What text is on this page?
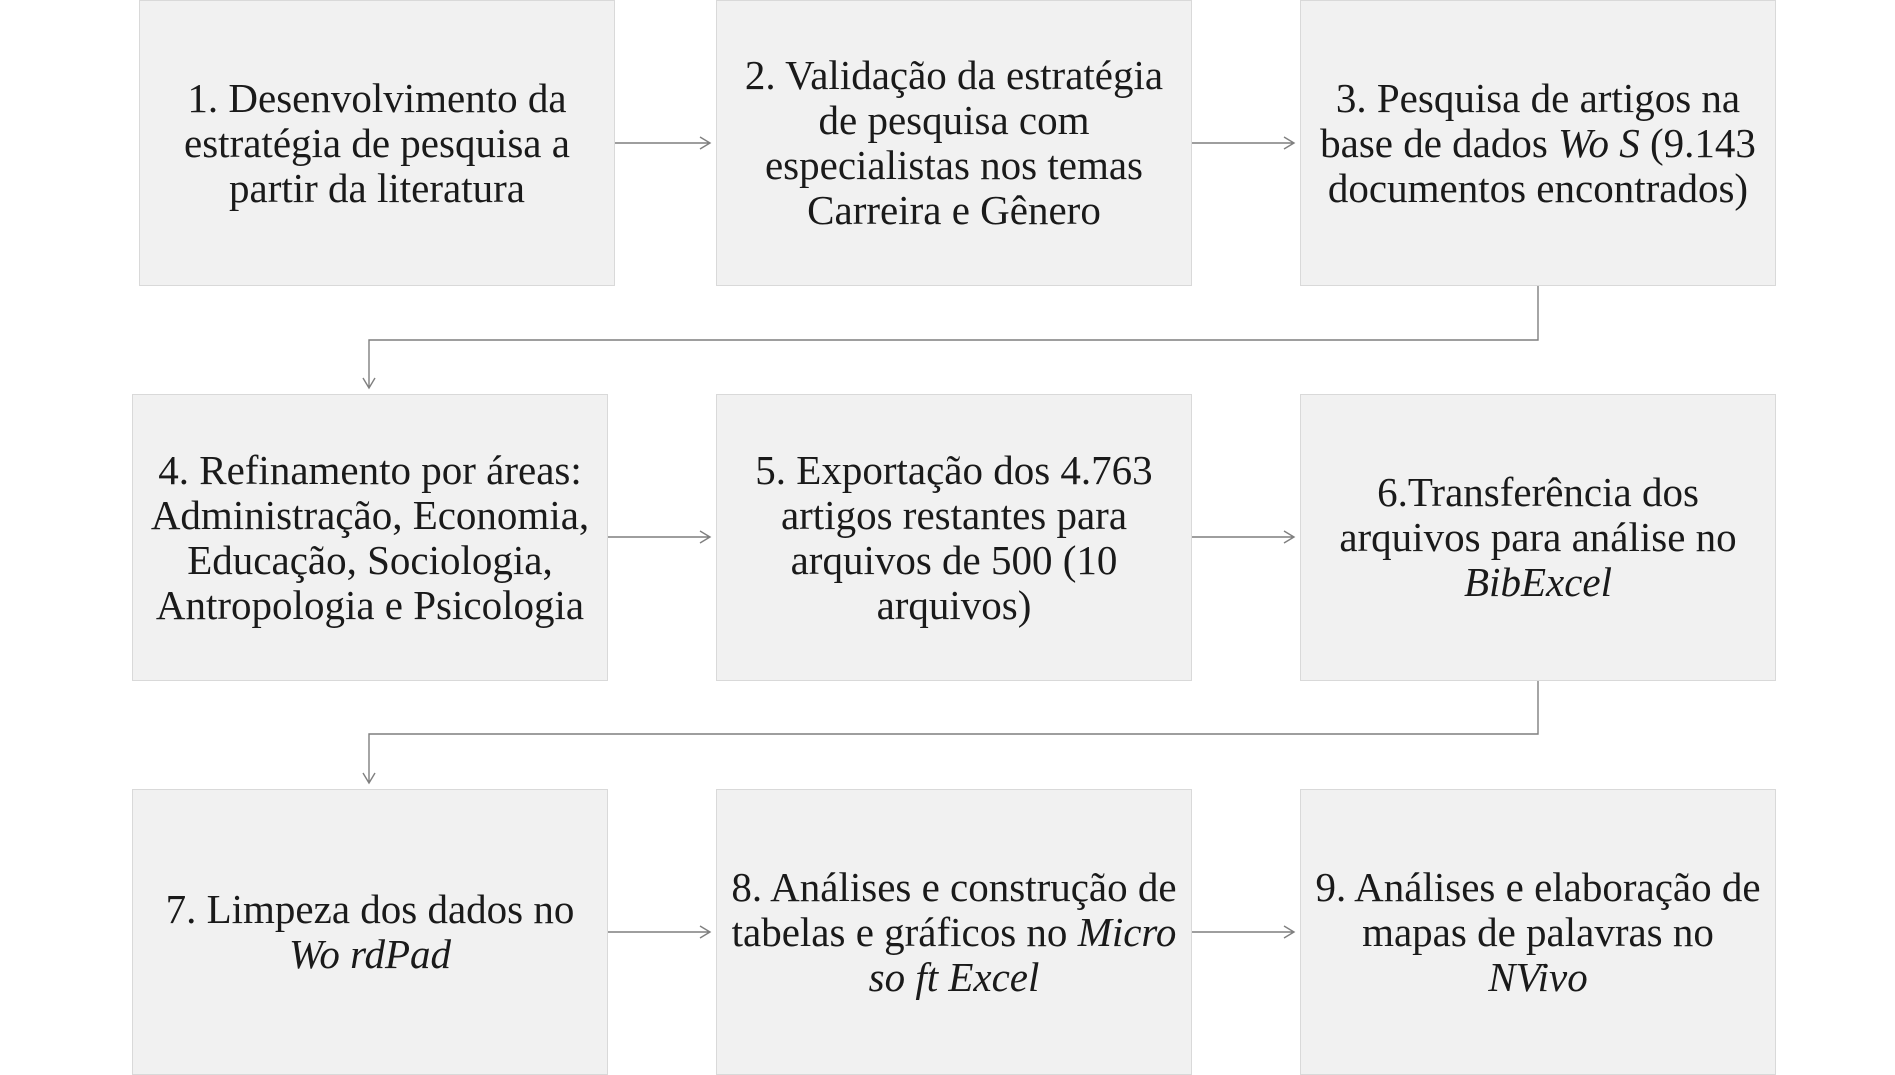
1. Desenvolvimento da estratégia de pesquisa a partir da literatura
2. Validação da estratégia de pesquisa com especialistas nos temas Carreira e Gênero
3. Pesquisa de artigos na base de dados Wo S (9.143 documentos encontrados)
4. Refinamento por áreas: Administração, Economia, Educação, Sociologia, Antropologia e Psicologia
5. Exportação dos 4.763 artigos restantes para arquivos de 500 (10 arquivos)
6.Transferência dos arquivos para análise no BibExcel
7. Limpeza dos dados no Wo rdPad
8. Análises e construção de tabelas e gráficos no Micro so ft Excel
9. Análises e elaboração de mapas de palavras no NVivo
